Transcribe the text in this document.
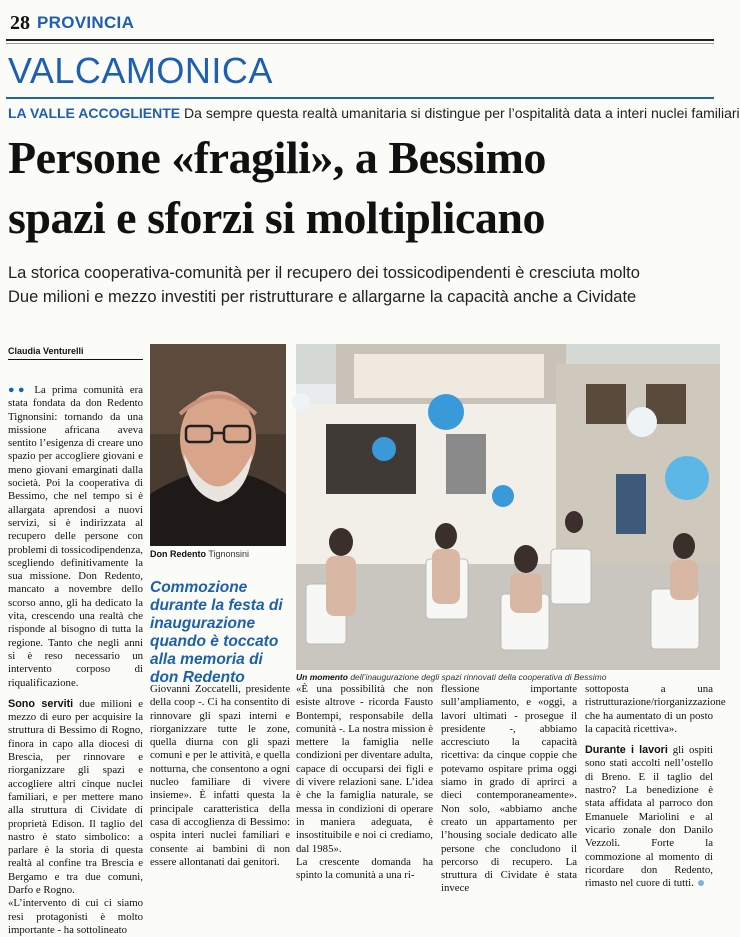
28 PROVINCIA
VALCAMONICA
LA VALLE ACCOGLIENTE Da sempre questa realtà umanitaria si distingue per l’ospitalità data a interi nuclei familiari
Persone «fragili», a Bessimo
spazi e sforzi si moltiplicano
La storica cooperativa-comunità per il recupero dei tossicodipendenti è cresciuta molto
Due milioni e mezzo investiti per ristrutturare e allargarne la capacità anche a Cividate
Claudia Venturelli

●● La prima comunità era stata fondata da don Redento Tignonsini: tornando da una missione africana aveva sentito l’esigenza di creare uno spazio per accogliere giovani e meno giovani emarginati dalla società. Poi la cooperativa di Bessimo, che nel tempo si è allargata aprendosi a nuovi servizi, si è indirizzata al recupero delle persone con problemi di tossicodipendenza, scegliendo definitivamente la sua missione. Don Redento, mancato a novembre dello scorso anno, gli ha dedicato la vita, crescendo una realtà che risponde al bisogno di tutta la regione. Tanto che negli anni si è reso necessario un intervento corposo di riqualificazione.

Sono serviti due milioni e mezzo di euro per acquisire la struttura di Bessimo di Rogno, finora in capo alla diocesi di Brescia, per rinnovare e riorganizzare gli spazi e accogliere altri cinque nuclei familiari, e per mettere mano alla struttura di Cividate di proprietà Edison. Il taglio del nastro è stato simbolico: a parlare è la storia di questa realtà al confine tra Brescia e Bergamo e tra due comuni, Darfo e Rogno.

«L’intervento di cui ci siamo resi protagonisti è molto importante - ha sottolineato

Don Redento Tignonsini
Commozione durante la festa di inaugurazione quando è toccato alla memoria di don Redento
Giovanni Zoccatelli, presidente della coop -. Ci ha consentito di rinnovare gli spazi interni e riorganizzare tutte le zone, quella diurna con gli spazi comuni e per le attività, e quella notturna, che consentono a ogni nucleo familiare di vivere insieme». È infatti questa la principale caratteristica della casa di accoglienza di Bessimo: ospita interi nuclei familiari e consente ai bambini di non essere allontanati dai genitori.
Un momento dell’inaugurazione degli spazi rinnovati della cooperativa di Bessimo

«È una possibilità che non esiste altrove - ricorda Fausto Bontempi, responsabile della comunità -. La nostra mission è mettere la famiglia nelle condizioni per diventare adulta, capace di occuparsi dei figli e di vivere relazioni sane. L’idea è che la famiglia naturale, se messa in condizioni di operare in maniera adeguata, è insostituibile e noi ci crediamo, dal 1985».

La crescente domanda ha spinto la comunità a una ri-

flessione importante sull’ampliamento, e «oggi, a lavori ultimati - prosegue il presidente -, abbiamo accresciuto la capacità ricettiva: da cinque coppie che potevamo ospitare prima oggi siamo in grado di aprirci a dieci contemporaneamente». Non solo, «abbiamo anche creato un appartamento per l’housing sociale dedicato alle persone che concludono il percorso di recupero. La struttura di Cividate è stata invece

sottoposta a una ristrutturazione/riorganizzazione che ha aumentato di un posto la capacità ricettiva».

Durante i lavori gli ospiti sono stati accolti nell’ostello di Breno. E il taglio del nastro? La benedizione è stata affidata al parroco don Emanuele Mariolini e al vicario zonale don Danilo Vezzoli. Forte la commozione al momento di ricordare don Redento, rimasto nel cuore di tutti.
